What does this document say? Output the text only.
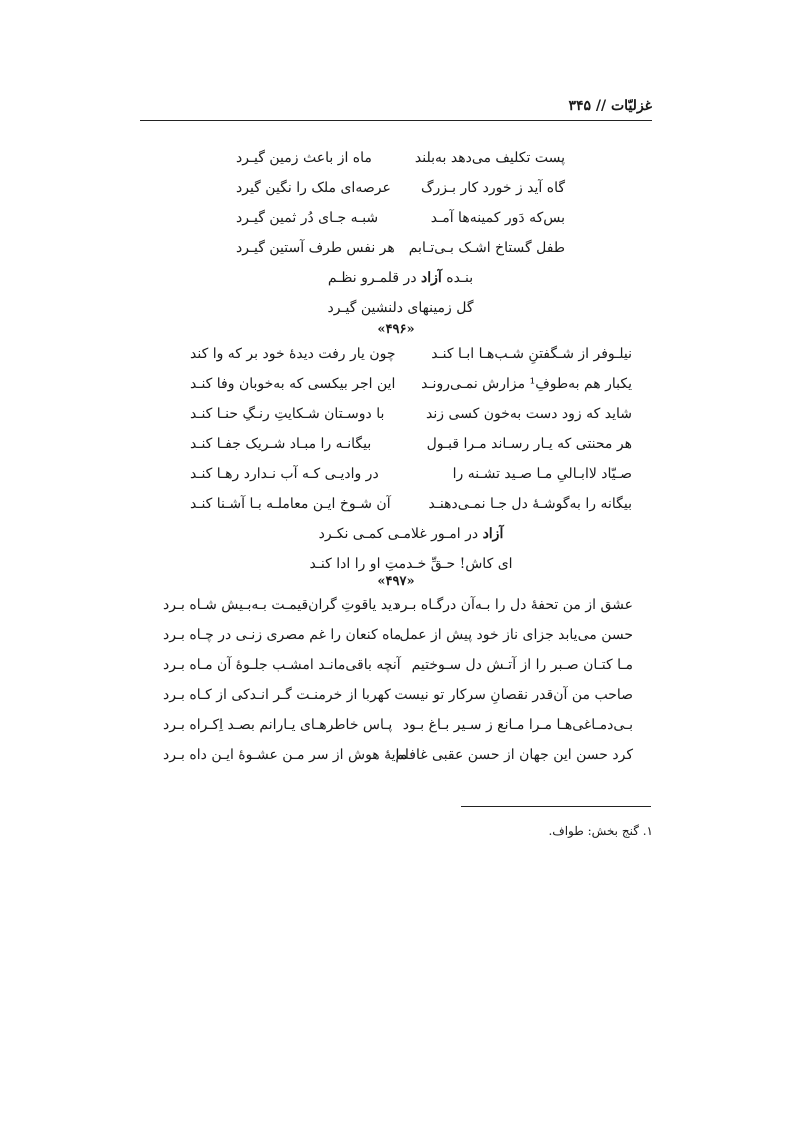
غزلیّات // ۳۴۵
پست تکلیف می‌دهد به‌بلند
ماه از باعث زمین گیـرد
گاه آید ز خورد کار بـزرگ
عرصه‌ای ملک را نگین گیرد
بس‌که دَور کمینه‌ها آمـد
شبـه جـای دُر ثمین گیـرد
طفل گستاخ اشـک بـی‌تـابم
هر نفس طرف آستین گیـرد
بنـده آزاد در قلمـرو نظـم
گل زمینهای دلنشین گیـرد
«۴۹۶»
نیلـوفر از شـگفتنِ شـب‌هـا ابـا کنـد
چون یار رفت دیدهٔ خود بر که وا کند
یکبار هم به‌طوفِ¹ مزارش نمـی‌رونـد
این اجر بیکسی که به‌خوبان وفا کنـد
شاید که زود دست به‌خون کسی زند
با دوسـتان شـکایتِ رنـگِ حنـا کنـد
هر محنتی که یـار رسـاند مـرا قبـول
بیگانـه را مبـاد شـریک جفـا کنـد
صـیّاد لاابـالیِ مـا صـید تشـنه را
در وادیـی کـه آب نـدارد رهـا کنـد
بیگانه را به‌گوشـهٔ دل جـا نمـی‌دهنـد
آن شـوخ ایـن معاملـه بـا آشـنا کنـد
آزاد در امـور غلامـی کمـی نکـرد
ای کاش! حـقِّ خـدمتِ او را ادا کنـد
«۴۹۷»
عشق از من تحفهٔ دل را بـه‌آن درگـاه بـرد
دید یاقوتِ گران‌قیمـت بـه‌بـیش شـاه بـرد
حسن می‌یابد جزای ناز خود پیش از عمل
ماه کنعان را غم مصری زنـی در چـاه بـرد
مـا کتـان صـبر را از آتـش دل سـوختیم
آنچه باقی‌مانـد امشـب جلـوهٔ آن مـاه بـرد
صاحب من آن‌قدر نقصانِ سرکار تو نیست
کهربا از خرمنـت گـر انـدکی از کـاه بـرد
بـی‌دمـاغی‌هـا مـرا مـانع ز سـیر بـاغ بـود
پـاس خاطرهـای یـارانم بصـد اِکـراه بـرد
کرد حسن این جهان از حسن عقبی غافلم
مایهٔ هوش از سر مـن عشـوهٔ ایـن داه بـرد
۱. گنج بخش: طواف.
